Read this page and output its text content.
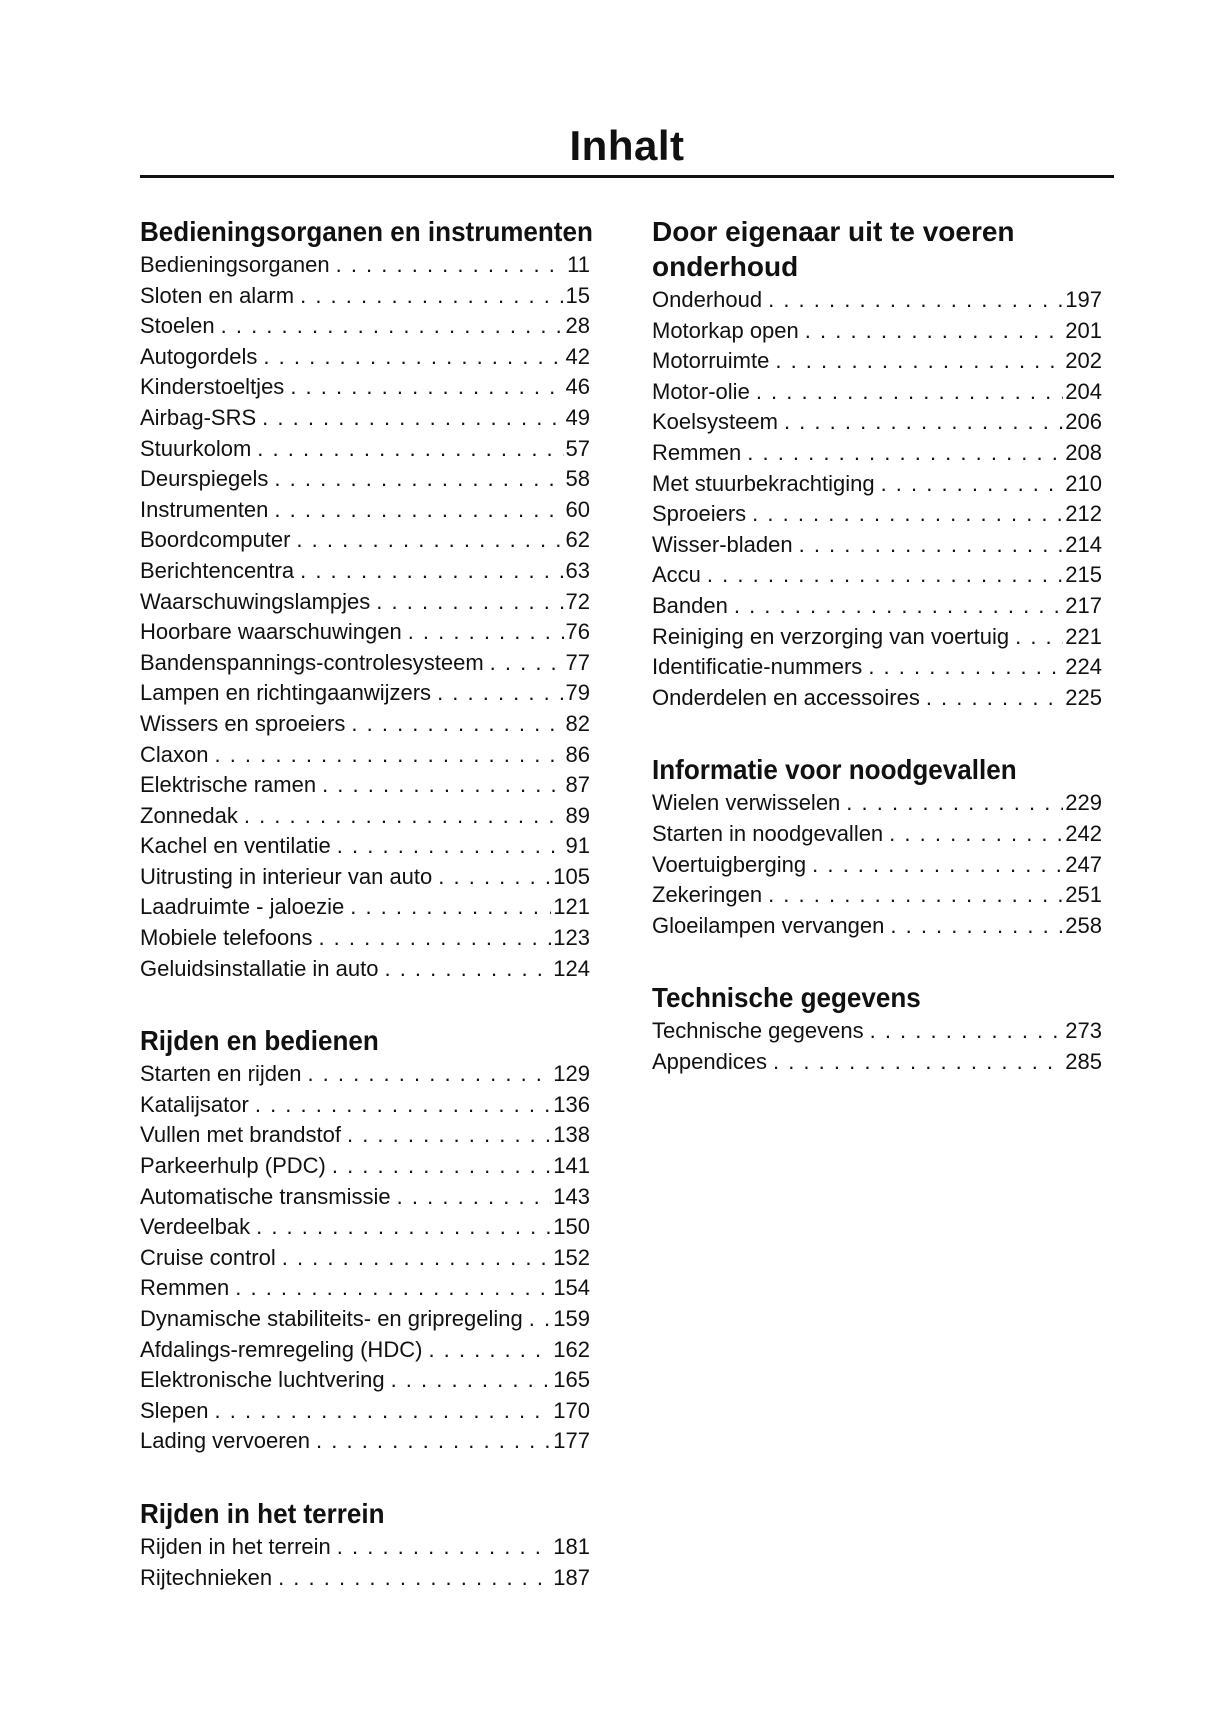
Inhalt
Bedieningsorganen en instrumenten
Bedieningsorganen . . .	11
Sloten en alarm . . .	15
Stoelen . . .	28
Autogordels . . .	42
Kinderstoeltjes . . .	46
Airbag-SRS . . .	49
Stuurkolom . . .	57
Deurspiegels . . .	58
Instrumenten . . .	60
Boordcomputer . . .	62
Berichtencentra . . .	63
Waarschuwingslampjes . . .	72
Hoorbare waarschuwingen . . .	76
Bandenspannings-controlesysteem . . .	77
Lampen en richtingaanwijzers . . .	79
Wissers en sproeiers . . .	82
Claxon . . .	86
Elektrische ramen . . .	87
Zonnedak . . .	89
Kachel en ventilatie . . .	91
Uitrusting in interieur van auto . . .	105
Laadruimte - jaloezie . . .	121
Mobiele telefoons . . .	123
Geluidsinstallatie in auto . . .	124
Rijden en bedienen
Starten en rijden . . .	129
Katalijsator . . .	136
Vullen met brandstof . . .	138
Parkeerhulp (PDC) . . .	141
Automatische transmissie . . .	143
Verdeelbak . . .	150
Cruise control . . .	152
Remmen . . .	154
Dynamische stabiliteits- en gripregeling . . . 159
Afdalings-remregeling (HDC) . . .	162
Elektronische luchtvering . . .	165
Slepen . . .	170
Lading vervoeren . . .	177
Rijden in het terrein
Rijden in het terrein . . .	181
Rijtechnieken . . .	187
Door eigenaar uit te voeren onderhoud
Onderhoud . . .	197
Motorkap open . . .	201
Motorruimte . . .	202
Motor-olie . . .	204
Koelsysteem . . .	206
Remmen . . .	208
Met stuurbekrachtiging . . .	210
Sproeiers . . .	212
Wisser-bladen . . .	214
Accu . . .	215
Banden . . .	217
Reiniging en verzorging van voertuig . . .	221
Identificatie-nummers . . .	224
Onderdelen en accessoires . . .	225
Informatie voor noodgevallen
Wielen verwisselen . . .	229
Starten in noodgevallen . . .	242
Voertuigberging . . .	247
Zekeringen . . .	251
Gloeilampen vervangen . . .	258
Technische gegevens
Technische gegevens . . .	273
Appendices . . .	285
